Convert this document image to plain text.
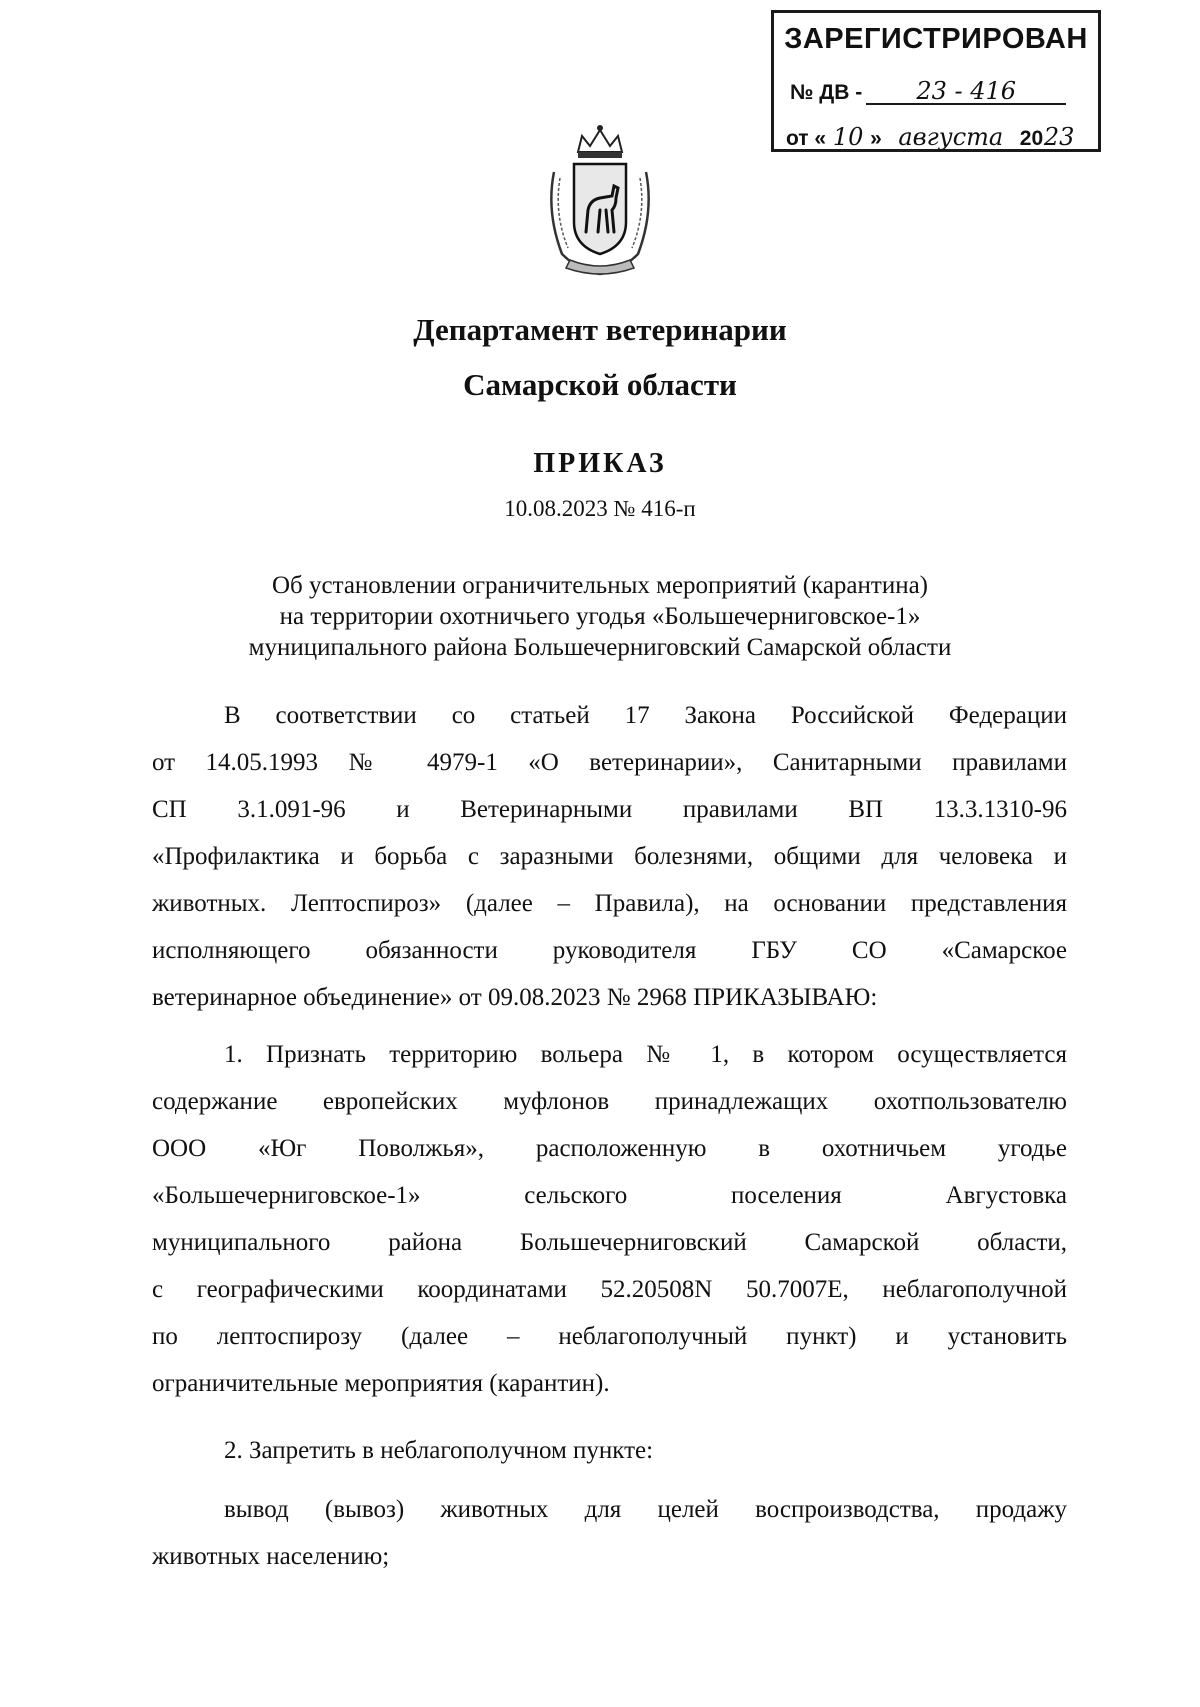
ЗАРЕГИСТРИРОВАН
№ ДВ - 23 - 416
от « 10 » августа 2023
Департамент ветеринарии
Самарской области
ПРИКАЗ
10.08.2023 № 416-п
Об установлении ограничительных мероприятий (карантина)
на территории охотничьего угодья «Большечерниговское-1»
муниципального района Большечерниговский Самарской области
В соответствии со статьей 17 Закона Российской Федерации
от 14.05.1993 № 4979-1 «О ветеринарии», Санитарными правилами
СП 3.1.091-96 и Ветеринарными правилами ВП 13.3.1310-96
«Профилактика и борьба с заразными болезнями, общими для человека и
животных. Лептоспироз» (далее – Правила), на основании представления
исполняющего обязанности руководителя ГБУ СО «Самарское
ветеринарное объединение» от 09.08.2023 № 2968 ПРИКАЗЫВАЮ:
1. Признать территорию вольера № 1, в котором осуществляется
содержание европейских муфлонов принадлежащих охотпользователю
ООО «Юг Поволжья», расположенную в охотничьем угодье
«Большечерниговское-1» сельского поселения Августовка
муниципального района Большечерниговский Самарской области,
с географическими координатами 52.20508N 50.7007E, неблагополучной
по лептоспирозу (далее – неблагополучный пункт) и установить
ограничительные мероприятия (карантин).
2. Запретить в неблагополучном пункте:
вывод (вывоз) животных для целей воспроизводства, продажу
животных населению;
